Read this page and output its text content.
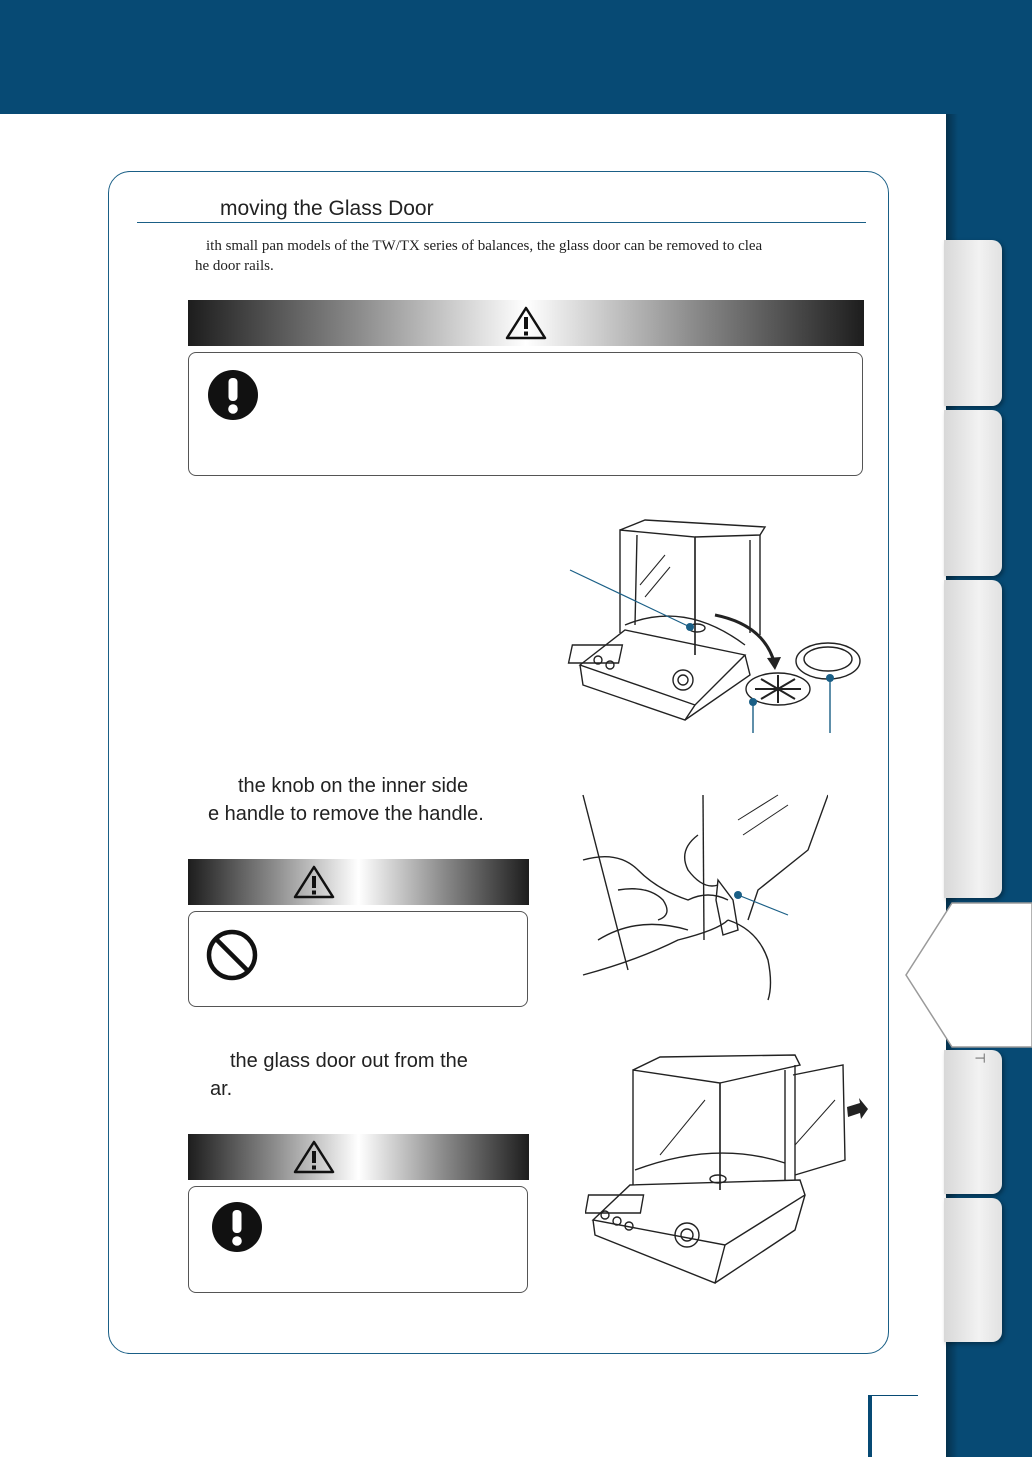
⊤
moving the Glass Door
ith small pan models of the TW/TX series of balances, the glass door can be removed to clea
he door rails.
the knob on the inner side
e handle to remove the handle.
the glass door out from the
ar.
